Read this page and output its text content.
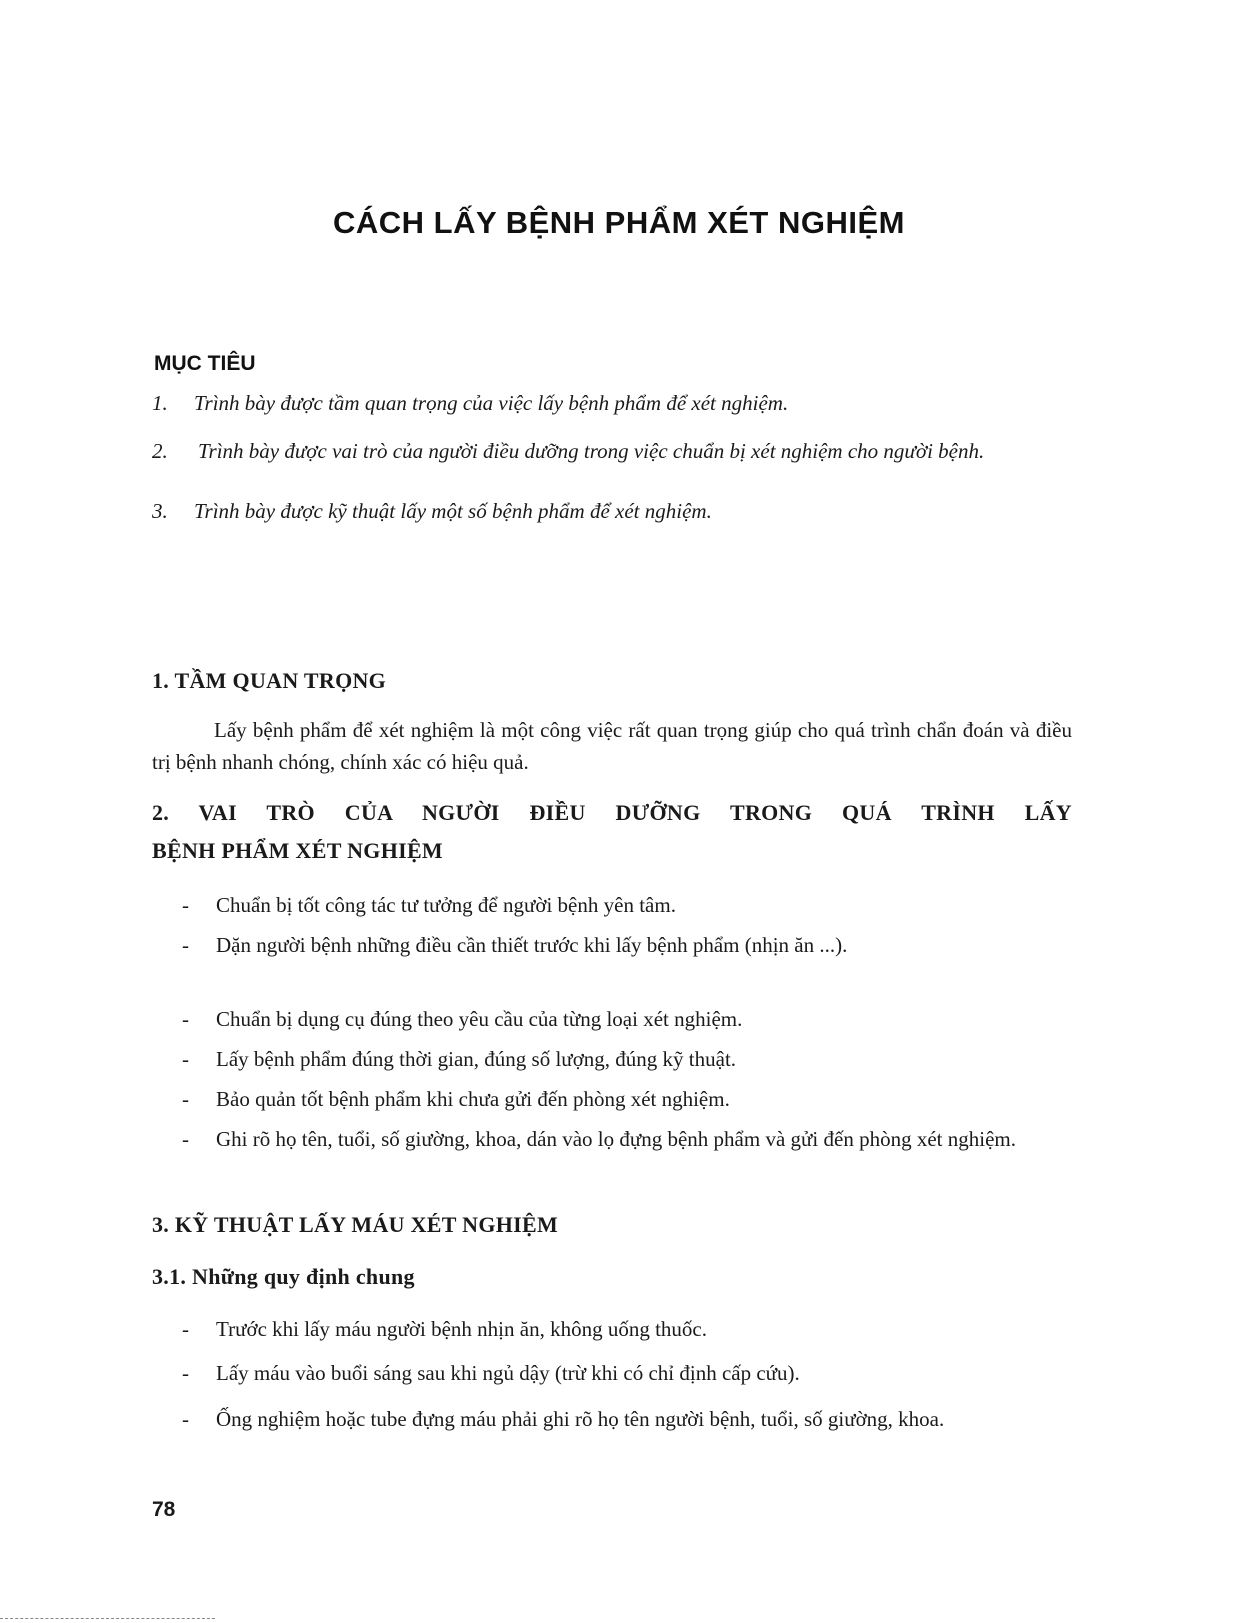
CÁCH LẤY BỆNH PHẨM XÉT NGHIỆM
MỤC TIÊU
1.	Trình bày được tầm quan trọng của việc lấy bệnh phẩm để xét nghiệm.
2.	Trình bày được vai trò của người điều dưỡng trong việc chuẩn bị xét nghiệm cho người bệnh.
3.	Trình bày được kỹ thuật lấy một số bệnh phẩm để xét nghiệm.
1. TẦM QUAN TRỌNG
Lấy bệnh phẩm để xét nghiệm là một công việc rất quan trọng giúp cho quá trình chẩn đoán và điều trị bệnh nhanh chóng, chính xác có hiệu quả.
2. VAI TRÒ CỦA NGƯỜI ĐIỀU DƯỠNG TRONG QUÁ TRÌNH LẤY
BỆNH PHẨM XÉT NGHIỆM
-	Chuẩn bị tốt công tác tư tưởng để người bệnh yên tâm.
-	Dặn người bệnh những điều cần thiết trước khi lấy bệnh phẩm (nhịn ăn ...).
-	Chuẩn bị dụng cụ đúng theo yêu cầu của từng loại xét nghiệm.
-	Lấy bệnh phẩm đúng thời gian, đúng số lượng, đúng kỹ thuật.
-	Bảo quản tốt bệnh phẩm khi chưa gửi đến phòng xét nghiệm.
-	Ghi rõ họ tên, tuổi, số giường, khoa, dán vào lọ đựng bệnh phẩm và gửi đến phòng xét nghiệm.
3. KỸ THUẬT LẤY MÁU XÉT NGHIỆM
3.1. Những quy định chung
-	Trước khi lấy máu người bệnh nhịn ăn, không uống thuốc.
-	Lấy máu vào buổi sáng sau khi ngủ dậy (trừ khi có chỉ định cấp cứu).
-	Ống nghiệm hoặc tube đựng máu phải ghi rõ họ tên người bệnh, tuổi, số giường, khoa.
78
